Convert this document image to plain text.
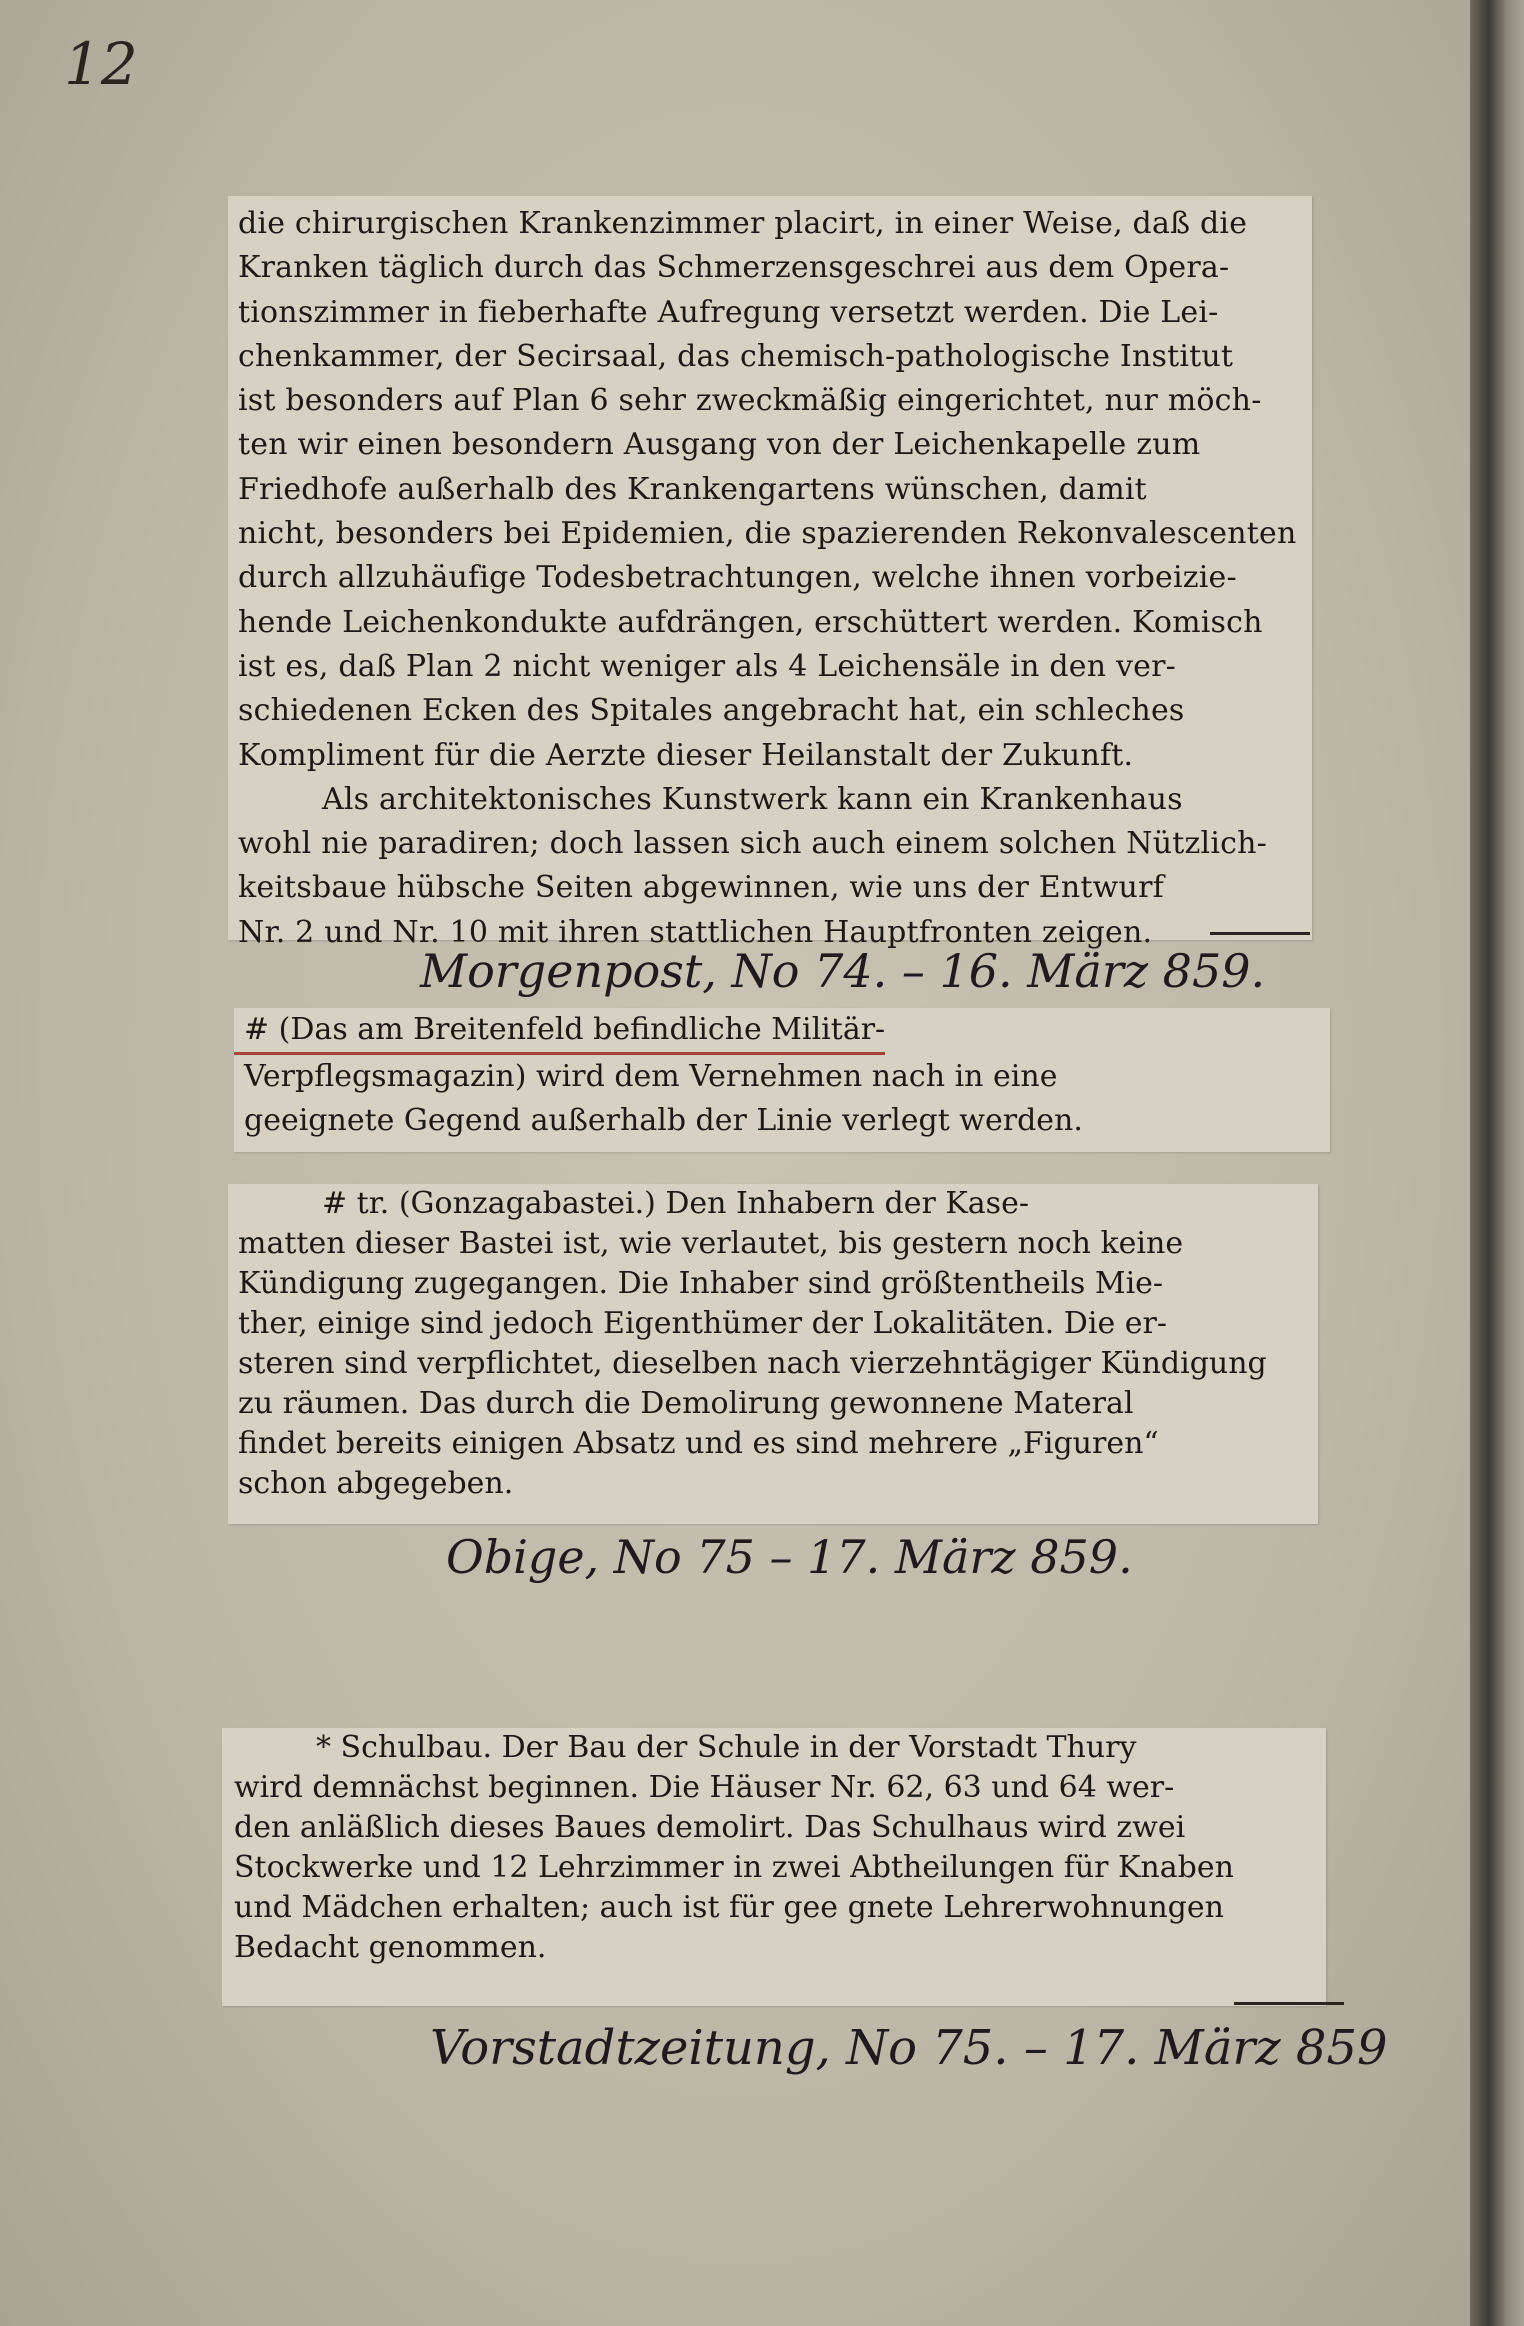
12
die chirurgischen Krankenzimmer placirt, in einer Weise, daß die
Kranken täglich durch das Schmerzensgeschrei aus dem Opera-
tionszimmer in fieberhafte Aufregung versetzt werden. Die Lei-
chenkammer, der Secirsaal, das chemisch-pathologische Institut
ist besonders auf Plan 6 sehr zweckmäßig eingerichtet, nur möch-
ten wir einen besondern Ausgang von der Leichenkapelle zum
Friedhofe außerhalb des Krankengartens wünschen, damit
nicht, besonders bei Epidemien, die spazierenden Rekonvalescenten
durch allzuhäufige Todesbetrachtungen, welche ihnen vorbeizie-
hende Leichenkondukte aufdrängen, erschüttert werden. Komisch
ist es, daß Plan 2 nicht weniger als 4 Leichensäle in den ver-
schiedenen Ecken des Spitales angebracht hat, ein schleches
Kompliment für die Aerzte dieser Heilanstalt der Zukunft.
Als architektonisches Kunstwerk kann ein Krankenhaus
wohl nie paradiren; doch lassen sich auch einem solchen Nützlich-
keitsbaue hübsche Seiten abgewinnen, wie uns der Entwurf
Nr. 2 und Nr. 10 mit ihren stattlichen Hauptfronten zeigen.
Morgenpost, No 74. – 16. März 859.
# (Das am Breitenfeld befindliche Militär-
Verpflegsmagazin) wird dem Vernehmen nach in eine
geeignete Gegend außerhalb der Linie verlegt werden.
# tr. (Gonzagabastei.) Den Inhabern der Kase-
matten dieser Bastei ist, wie verlautet, bis gestern noch keine
Kündigung zugegangen. Die Inhaber sind größtentheils Mie-
ther, einige sind jedoch Eigenthümer der Lokalitäten. Die er-
steren sind verpflichtet, dieselben nach vierzehntägiger Kündigung
zu räumen. Das durch die Demolirung gewonnene Materal
findet bereits einigen Absatz und es sind mehrere „Figuren“
schon abgegeben.
Obige, No 75 – 17. März 859.
* Schulbau. Der Bau der Schule in der Vorstadt Thury
wird demnächst beginnen. Die Häuser Nr. 62, 63 und 64 wer-
den anläßlich dieses Baues demolirt. Das Schulhaus wird zwei
Stockwerke und 12 Lehrzimmer in zwei Abtheilungen für Knaben
und Mädchen erhalten; auch ist für gee gnete Lehrerwohnungen
Bedacht genommen.
Vorstadtzeitung, No 75. – 17. März 859
